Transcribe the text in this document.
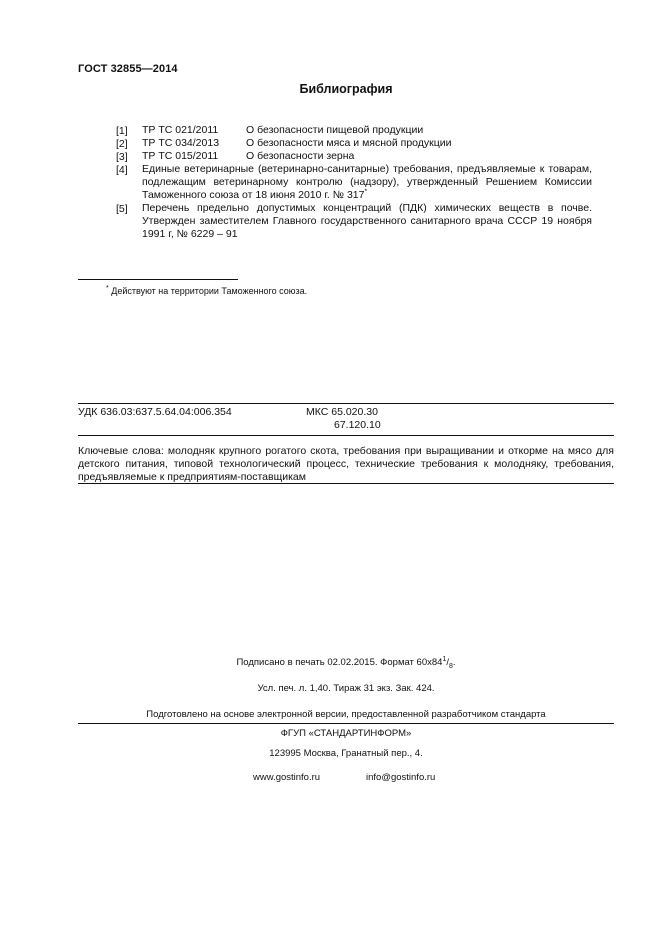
ГОСТ 32855—2014
Библиография
[1]	ТР ТС 021/2011	О безопасности пищевой продукции
[2]	ТР ТС 034/2013	О безопасности мяса и мясной продукции
[3]	ТР ТС 015/2011	О безопасности зерна
[4]	Единые ветеринарные (ветеринарно-санитарные) требования, предъявляемые к товарам, подлежащим ветеринарному контролю (надзору), утвержденный Решением Комиссии Таможенного союза от 18 июня 2010 г. № 317*
[5]	Перечень предельно допустимых концентраций (ПДК) химических веществ в почве. Утвержден заместителем Главного государственного санитарного врача СССР 19 ноября 1991 г, № 6229 – 91
* Действуют на территории Таможенного союза.
УДК 636.03:637.5.64.04:006.354	МКС 65.020.30
67.120.10
Ключевые слова: молодняк крупного рогатого скота, требования при выращивании и откорме на мясо для детского питания, типовой технологический процесс, технические требования к молодняку, требования, предъявляемые к предприятиям-поставщикам
Подписано в печать 02.02.2015. Формат $60x84^1/_8$.
Усл. печ. л. 1,40. Тираж 31 экз. Зак. 424.
Подготовлено на основе электронной версии, предоставленной разработчиком стандарта
ФГУП «СТАНДАРТИНФОРМ»
123995 Москва, Гранатный пер., 4.
www.gostinfo.ru	info@gostinfo.ru
